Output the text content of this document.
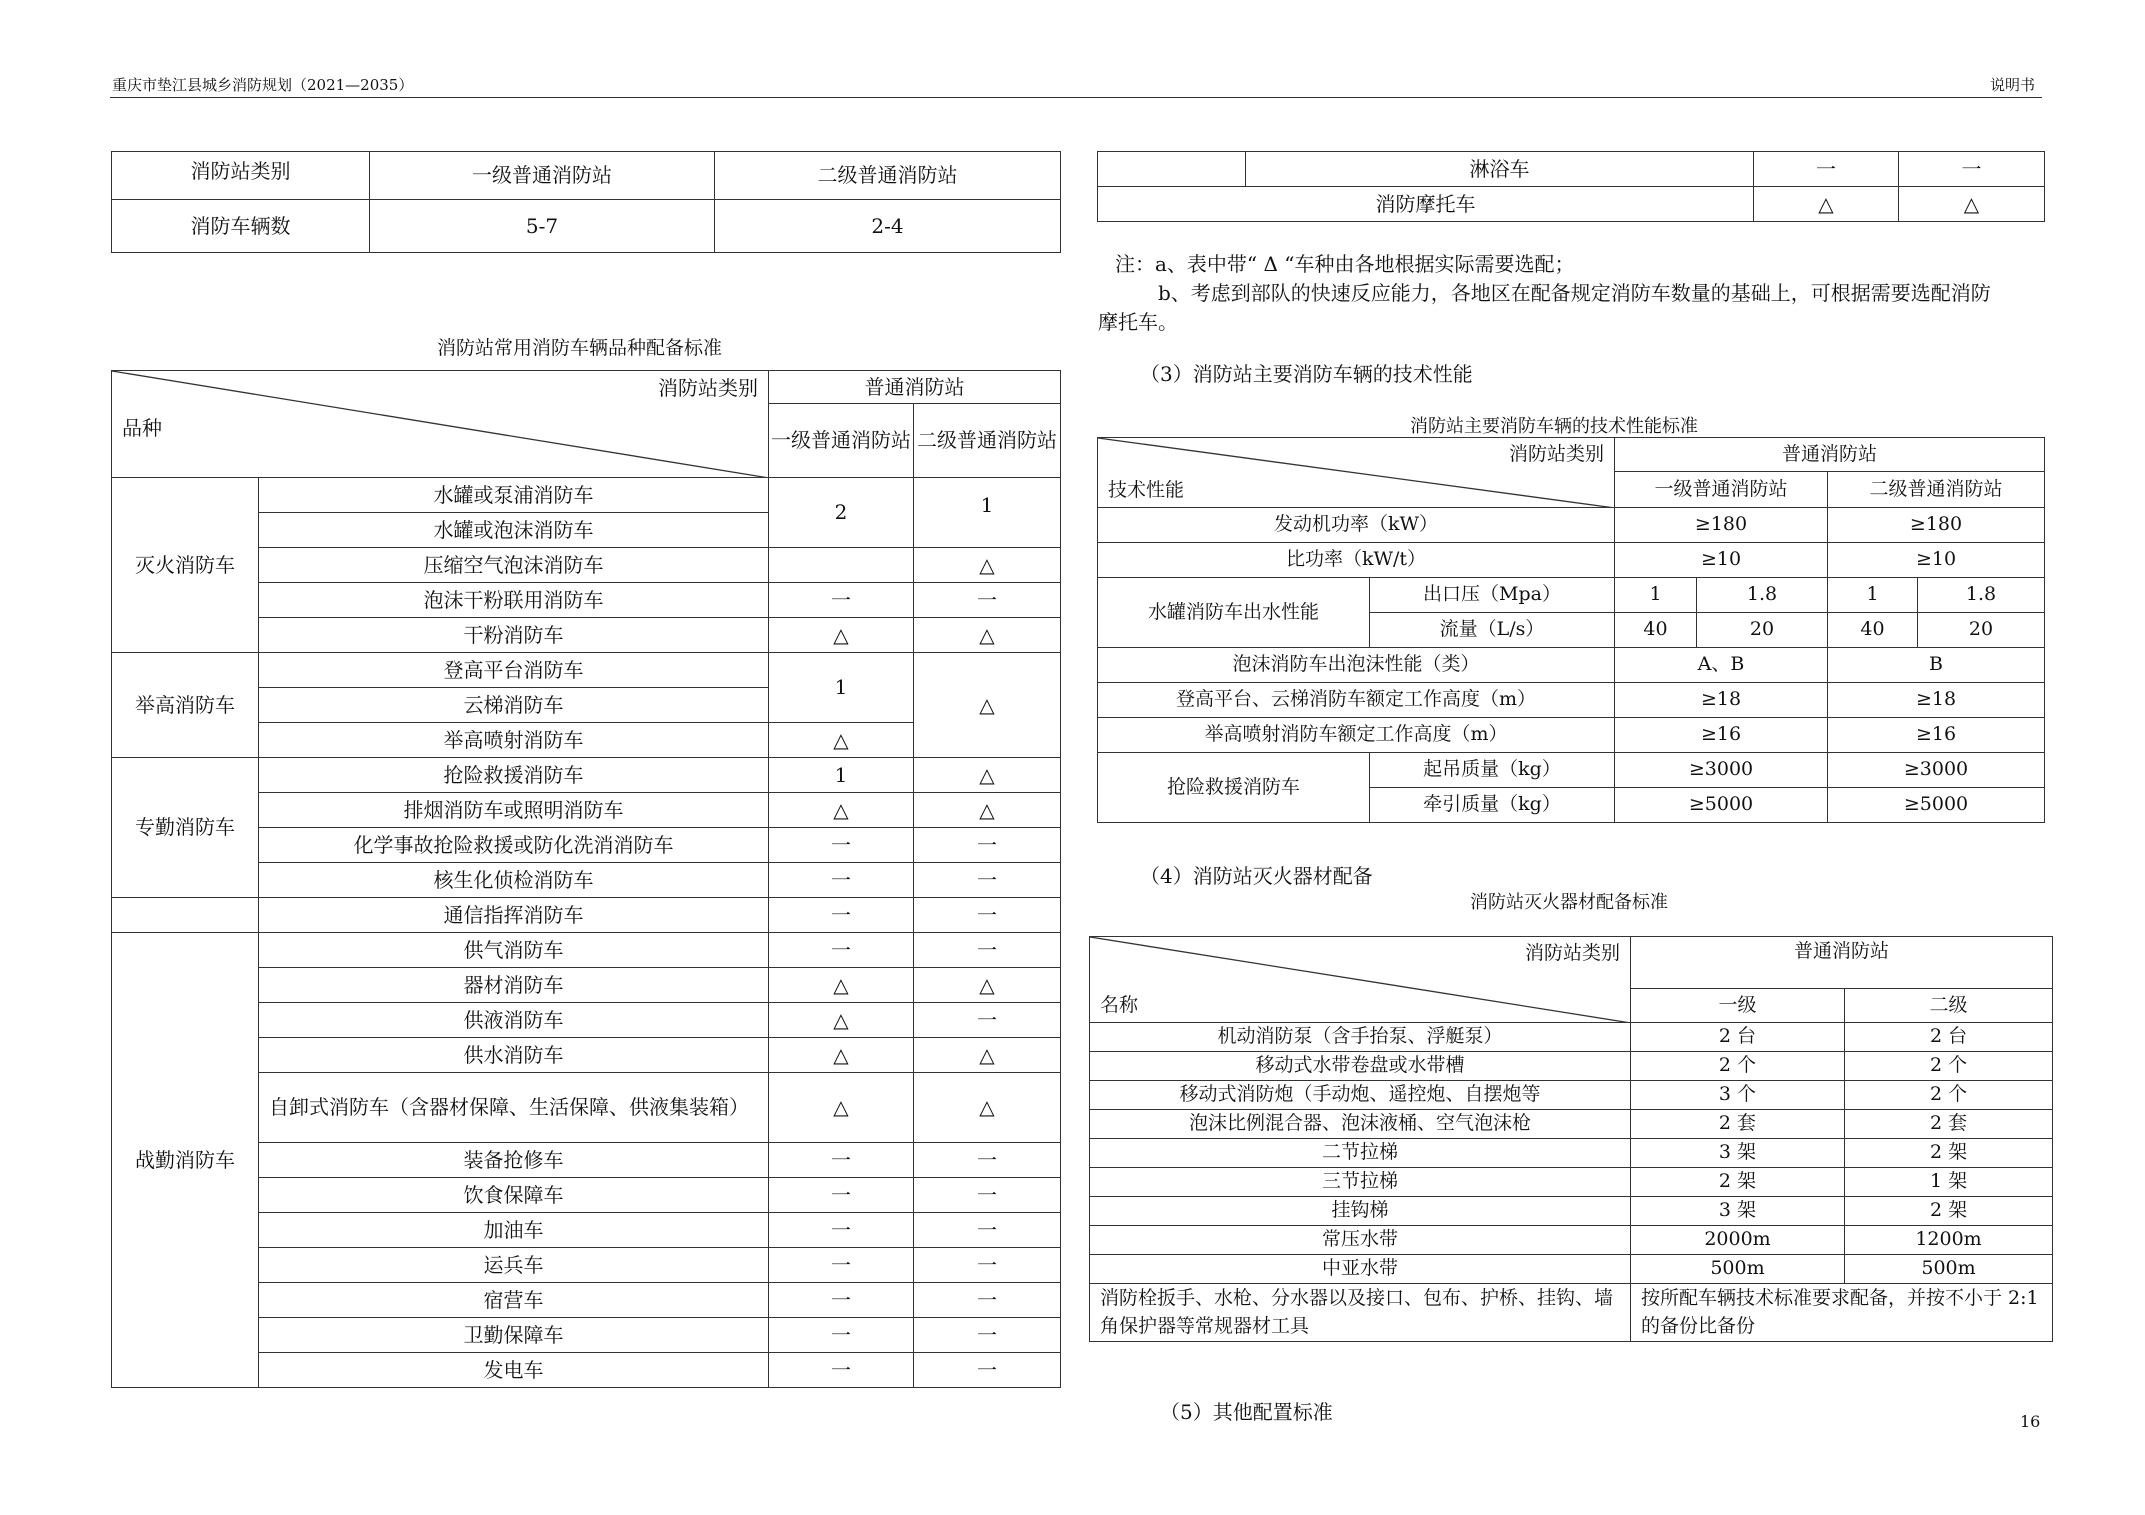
重庆市垫江县城乡消防规划（2021—2035）	说明书
消防站类别	一级普通消防站	二级普通消防站
消防车辆数	5-7	2-4
消防站常用消防车辆品种配备标准
消防站类别
品种		普通消防站	
		一级普通消防站	二级普通消防站
灭火消防车	水罐或泵浦消防车	2	1
	水罐或泡沫消防车		
	压缩空气泡沫消防车		△
	泡沫干粉联用消防车	一	一
	干粉消防车	△	△
举高消防车	登高平台消防车	1	△
	云梯消防车		
	举高喷射消防车	△	
专勤消防车	抢险救援消防车	1	△
	排烟消防车或照明消防车	△	△
	化学事故抢险救援或防化洗消消防车	一	一
	核生化侦检消防车	一	一
	通信指挥消防车	一	一
战勤消防车	供气消防车	一	一
	器材消防车	△	△
	供液消防车	△	一
	供水消防车	△	△
	自卸式消防车（含器材保障、生活保障、供液集装箱）	△	△
	装备抢修车	一	一
	饮食保障车	一	一
	加油车	一	一
	运兵车	一	一
	宿营车	一	一
	卫勤保障车	一	一
	发电车	一	一
	淋浴车	一	一
消防摩托车		△	△
注：a、表中带“ Δ “车种由各地根据实际需要选配；
b、考虑到部队的快速反应能力，各地区在配备规定消防车数量的基础上，可根据需要选配消防
摩托车。
（3）消防站主要消防车辆的技术性能
消防站主要消防车辆的技术性能标准
消防站类别
技术性能		普通消防站			
		一级普通消防站		二级普通消防站	
发动机功率（kW）		≥180		≥180	
比功率（kW/t）		≥10		≥10	
水罐消防车出水性能	出口压（Mpa）	1	1.8	1	1.8
	流量（L/s）	40	20	40	20
泡沫消防车出泡沫性能（类）		A、B		B	
登高平台、云梯消防车额定工作高度（m）		≥18		≥18	
举高喷射消防车额定工作高度（m）		≥16		≥16	
抢险救援消防车	起吊质量（kg）	≥3000		≥3000	
	牵引质量（kg）	≥5000		≥5000	
（4）消防站灭火器材配备
消防站灭火器材配备标准
消防站类别
名称	普通消防站	
	一级	二级
机动消防泵（含手抬泵、浮艇泵）	2 台	2 台
移动式水带卷盘或水带槽	2 个	2 个
移动式消防炮（手动炮、遥控炮、自摆炮等	3 个	2 个
泡沫比例混合器、泡沫液桶、空气泡沫枪	2 套	2 套
二节拉梯	3 架	2 架
三节拉梯	2 架	1 架
挂钩梯	3 架	2 架
常压水带	2000m	1200m
中亚水带	500m	500m
消防栓扳手、水枪、分水器以及接口、包布、护桥、挂钩、墙角保护器等常规器材工具	按所配车辆技术标准要求配备，并按不小于 2:1 的备份比备份	
（5）其他配置标准	16
